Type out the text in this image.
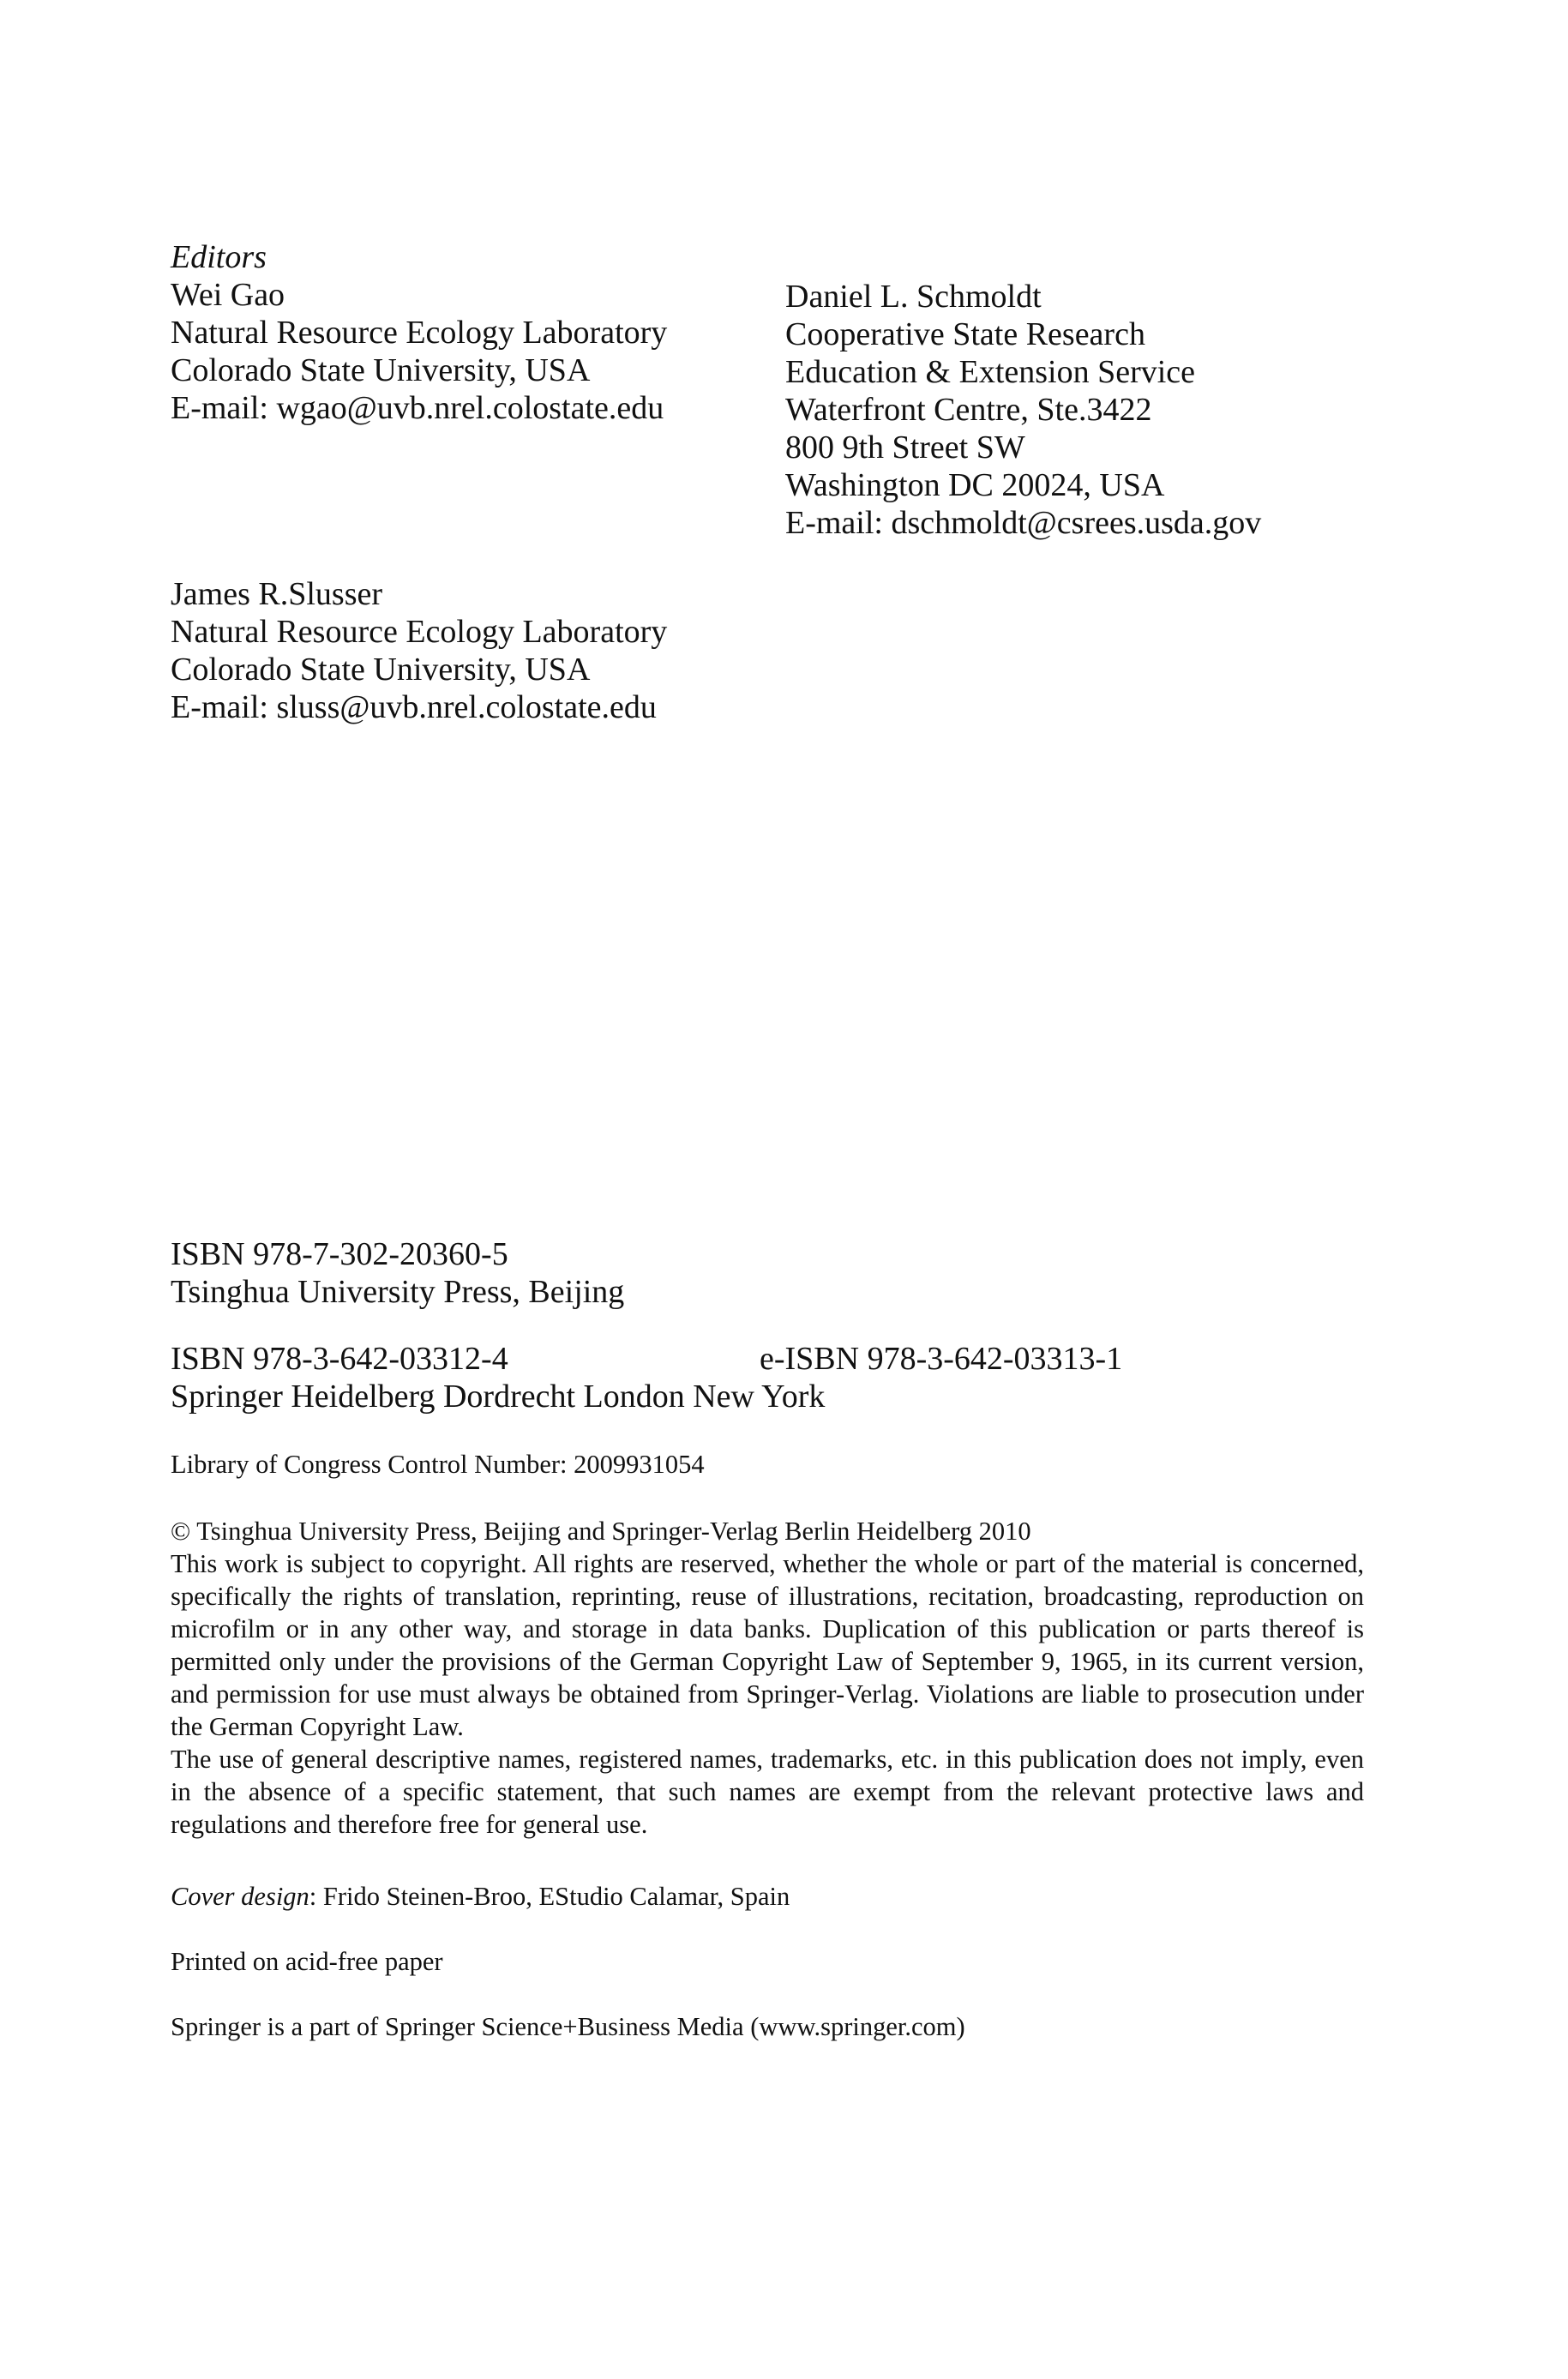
Editors
Wei Gao
Natural Resource Ecology Laboratory
Colorado State University, USA
E-mail: wgao@uvb.nrel.colostate.edu
Daniel L. Schmoldt
Cooperative State Research
Education & Extension Service
Waterfront Centre, Ste.3422
800 9th Street SW
Washington DC 20024, USA
E-mail: dschmoldt@csrees.usda.gov
James R.Slusser
Natural Resource Ecology Laboratory
Colorado State University, USA
E-mail: sluss@uvb.nrel.colostate.edu
ISBN 978-7-302-20360-5
Tsinghua University Press, Beijing
ISBN 978-3-642-03312-4
Springer Heidelberg Dordrecht London New York
e-ISBN 978-3-642-03313-1
Library of Congress Control Number: 2009931054

© Tsinghua University Press, Beijing and Springer-Verlag Berlin Heidelberg 2010

This work is subject to copyright. All rights are reserved, whether the whole or part of the material is concerned, specifically the rights of translation, reprinting, reuse of illustrations, recitation, broadcasting, reproduction on microfilm or in any other way, and storage in data banks. Duplication of this publication or parts thereof is permitted only under the provisions of the German Copyright Law of September 9, 1965, in its current version, and permission for use must always be obtained from Springer-Verlag. Violations are liable to prosecution under the German Copyright Law.

The use of general descriptive names, registered names, trademarks, etc. in this publication does not imply, even in the absence of a specific statement, that such names are exempt from the relevant protective laws and regulations and therefore free for general use.

Cover design: Frido Steinen-Broo, EStudio Calamar, Spain
Printed on acid-free paper
Springer is a part of Springer Science+Business Media (www.springer.com)
